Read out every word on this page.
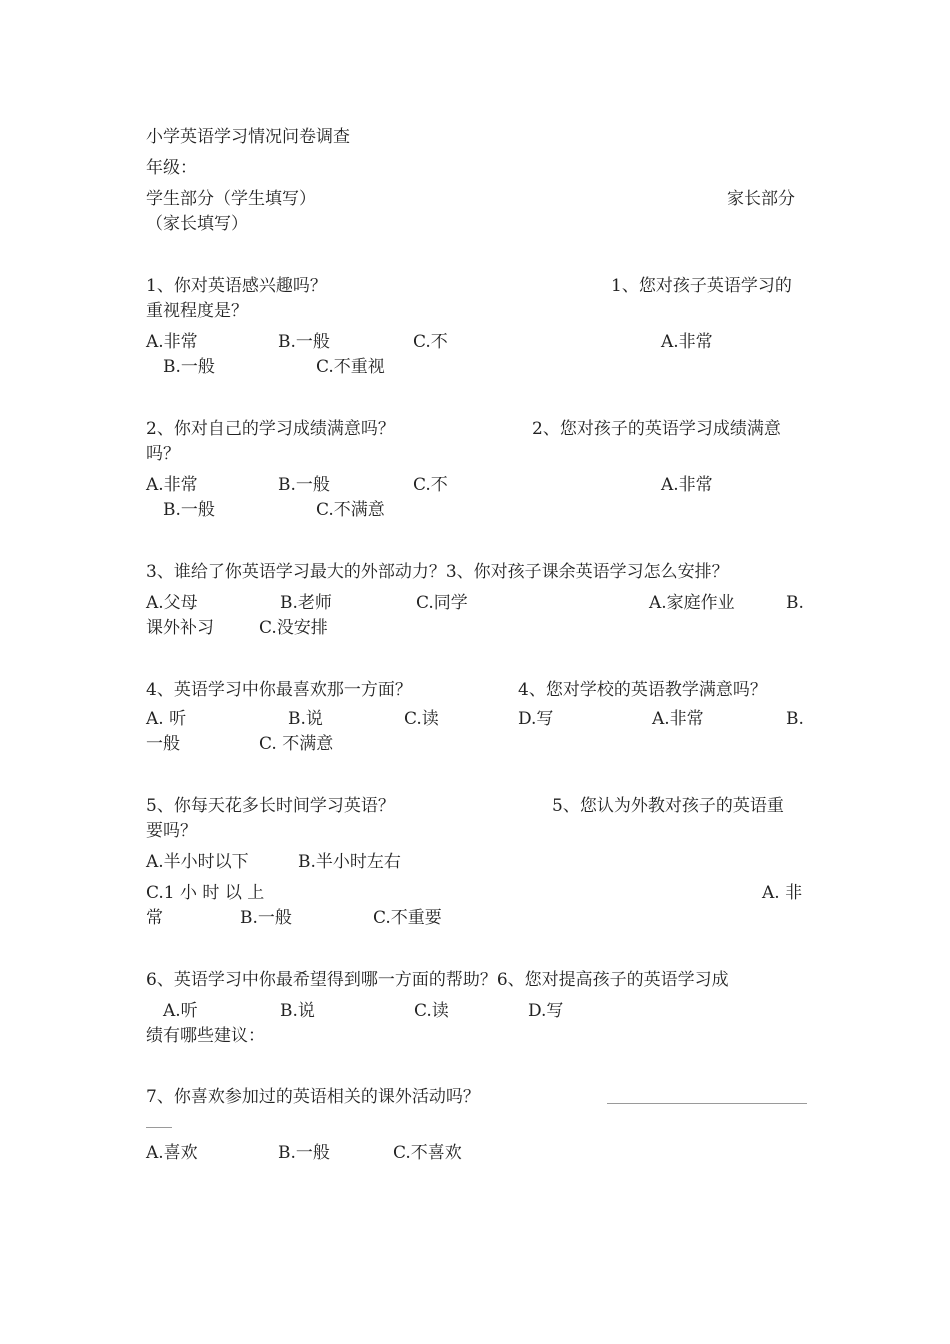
小学英语学习情况问卷调查

年级：

学生部分（学生填写）	家长部分

（家长填写）

1、你对英语感兴趣吗？	1、您对孩子英语学习的

重视程度是？

A.非常	B.一般	C.不	A.非常

B.一般	C.不重视

2、你对自己的学习成绩满意吗？	2、您对孩子的英语学习成绩满意

吗？

A.非常	B.一般	C.不	A.非常

B.一般	C.不满意

3、谁给了你英语学习最大的外部动力？3、你对孩子课余英语学习怎么安排？

A.父母	B.老师	C.同学	A.家庭作业	B.

课外补习	C.没安排

4、英语学习中你最喜欢那一方面？	4、您对学校的英语教学满意吗？

A. 听	B.说	C.读	D.写	A.非常	B.

一般	C. 不满意

5、你每天花多长时间学习英语？	5、您认为外教对孩子的英语重

要吗？

A.半小时以下	B.半小时左右

C.1 小 时 以 上	A. 非

常	B.一般	C.不重要

6、英语学习中你最希望得到哪一方面的帮助？6、您对提高孩子的英语学习成

A.听	B.说	C.读	D.写

绩有哪些建议：

7、你喜欢参加过的英语相关的课外活动吗？

A.喜欢	B.一般	C.不喜欢
